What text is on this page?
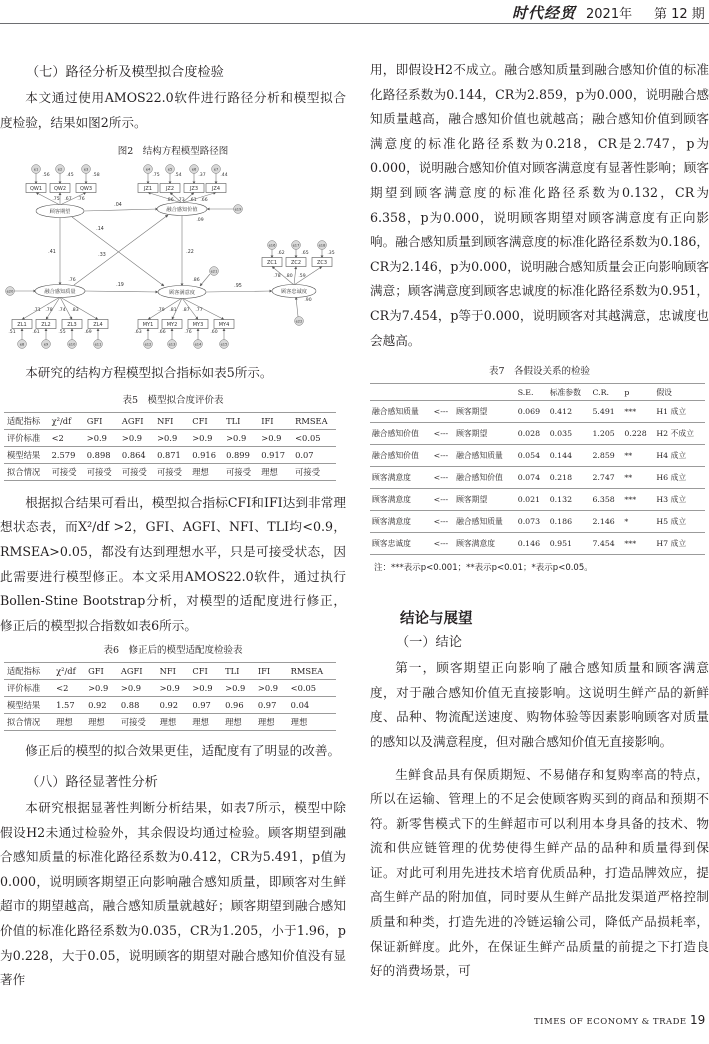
时代经贸 2021年 第 12 期
（七）路径分析及模型拟合度检验

本文通过使用AMOS22.0软件进行路径分析和模型拟合度检验，结果如图2所示。

图2　结构方程模型路径图
e1
.56
QW1
.75
e2
.45
QW2
.67
e3
.58
QW3
.76
e4
.75
JZ1
.86
e5
.54
JZ2
.73
e6
.37
JZ3
.61
e7
.44
JZ4
.66
ZL1
.71
.51
e8
ZL2
.78
.61
e9
ZL3
.74
.55
e10
ZL4
.83
.69
e11
MY1
.79
.63
e12
MY2
.81
.66
e13
MY3
.87
.76
e14
MY4
.77
.60
e15
e16
.62
ZC1
.78
e17
.65
ZC2
.80
e18
.35
ZC3
.59
.04
.14
.41
.19
.33
.22
.95
e19
e20
e21
e22
顾客期望	融合感知价值
融合感知质量	顾客满意度	顾客忠诚度
.09
.76	.86
.90

本研究的结构方程模型拟合指标如表5所示。

表5　模型拟合度评价表
适配指标	χ²/df	GFI	AGFI	NFI	CFI	TLI	IFI	RMSEA
评价标准	<2	>0.9	>0.9	>0.9	>0.9	>0.9	>0.9	<0.05
模型结果	2.579	0.898	0.864	0.871	0.916	0.899	0.917	0.07
拟合情况	可接受	可接受	可接受	可接受	理想	可接受	理想	可接受

根据拟合结果可看出，模型拟合指标CFI和IFI达到非常理想状态表，而X²/df >2，GFI、AGFI、NFI、TLI均<0.9，RMSEA>0.05，都没有达到理想水平，只是可接受状态，因此需要进行模型修正。本文采用AMOS22.0软件，通过执行Bollen-Stine Bootstrap分析，对模型的适配度进行修正，修正后的模型拟合指数如表6所示。

表6　修正后的模型适配度检验表
适配指标	χ²/df	GFI	AGFI	NFI	CFI	TLI	IFI	RMSEA
评价标准	<2	>0.9	>0.9	>0.9	>0.9	>0.9	>0.9	<0.05
模型结果	1.57	0.92	0.88	0.92	0.97	0.96	0.97	0.04
拟合情况	理想	理想	可接受	理想	理想	理想	理想	理想

修正后的模型的拟合效果更佳，适配度有了明显的改善。

（八）路径显著性分析

本研究根据显著性判断分析结果，如表7所示，模型中除假设H2未通过检验外，其余假设均通过检验。顾客期望到融合感知质量的标准化路径系数为0.412，CR为5.491，p值为0.000，说明顾客期望正向影响融合感知质量，即顾客对生鲜超市的期望越高，融合感知质量就越好；顾客期望到融合感知价值的标准化路径系数为0.035，CR为1.205，小于1.96，p为0.228，大于0.05，说明顾客的期望对融合感知价值没有显著作

用，即假设H2不成立。融合感知质量到融合感知价值的标准化路径系数为0.144，CR为2.859，p为0.000，说明融合感知质量越高，融合感知价值也就越高；融合感知价值到顾客满意度的标准化路径系数为0.218，CR是2.747，p为0.000，说明融合感知价值对顾客满意度有显著性影响；顾客期望到顾客满意度的标准化路径系数为0.132，CR为6.358，p为0.000，说明顾客期望对顾客满意度有正向影响。融合感知质量到顾客满意度的标准化路径系数为0.186，CR为2.146，p为0.000，说明融合感知质量会正向影响顾客满意；顾客满意度到顾客忠诚度的标准化路径系数为0.951，CR为7.454，p等于0.000，说明顾客对其越满意，忠诚度也会越高。

表7　各假设关系的检验
			S.E.	标准参数	C.R.	p	假设
融合感知质量	<---	顾客期望	0.069	0.412	5.491	***	H1 成立
融合感知价值	<---	顾客期望	0.028	0.035	1.205	0.228	H2 不成立
融合感知价值	<---	融合感知质量	0.054	0.144	2.859	**	H4 成立
顾客满意度	<---	融合感知价值	0.074	0.218	2.747	**	H6 成立
顾客满意度	<---	顾客期望	0.021	0.132	6.358	***	H3 成立
顾客满意度	<---	融合感知质量	0.073	0.186	2.146	*	H5 成立
顾客忠诚度	<---	顾客满意度	0.146	0.951	7.454	***	H7 成立
注：***表示p<0.001；**表示p<0.01；*表示p<0.05。
结论与展望
（一）结论

第一，顾客期望正向影响了融合感知质量和顾客满意度，对于融合感知价值无直接影响。这说明生鲜产品的新鲜度、品种、物流配送速度、购物体验等因素影响顾客对质量的感知以及满意程度，但对融合感知价值无直接影响。

生鲜食品具有保质期短、不易储存和复购率高的特点，所以在运输、管理上的不足会使顾客购买到的商品和预期不符。新零售模式下的生鲜超市可以利用本身具备的技术、物流和供应链管理的优势使得生鲜产品的品种和质量得到保证。对此可利用先进技术培育优质品种，打造品牌效应，提高生鲜产品的附加值，同时要从生鲜产品批发渠道严格控制质量和种类，打造先进的冷链运输公司，降低产品损耗率，保证新鲜度。此外，在保证生鲜产品质量的前提之下打造良好的消费场景，可

TIMES OF ECONOMY & TRADE 19
